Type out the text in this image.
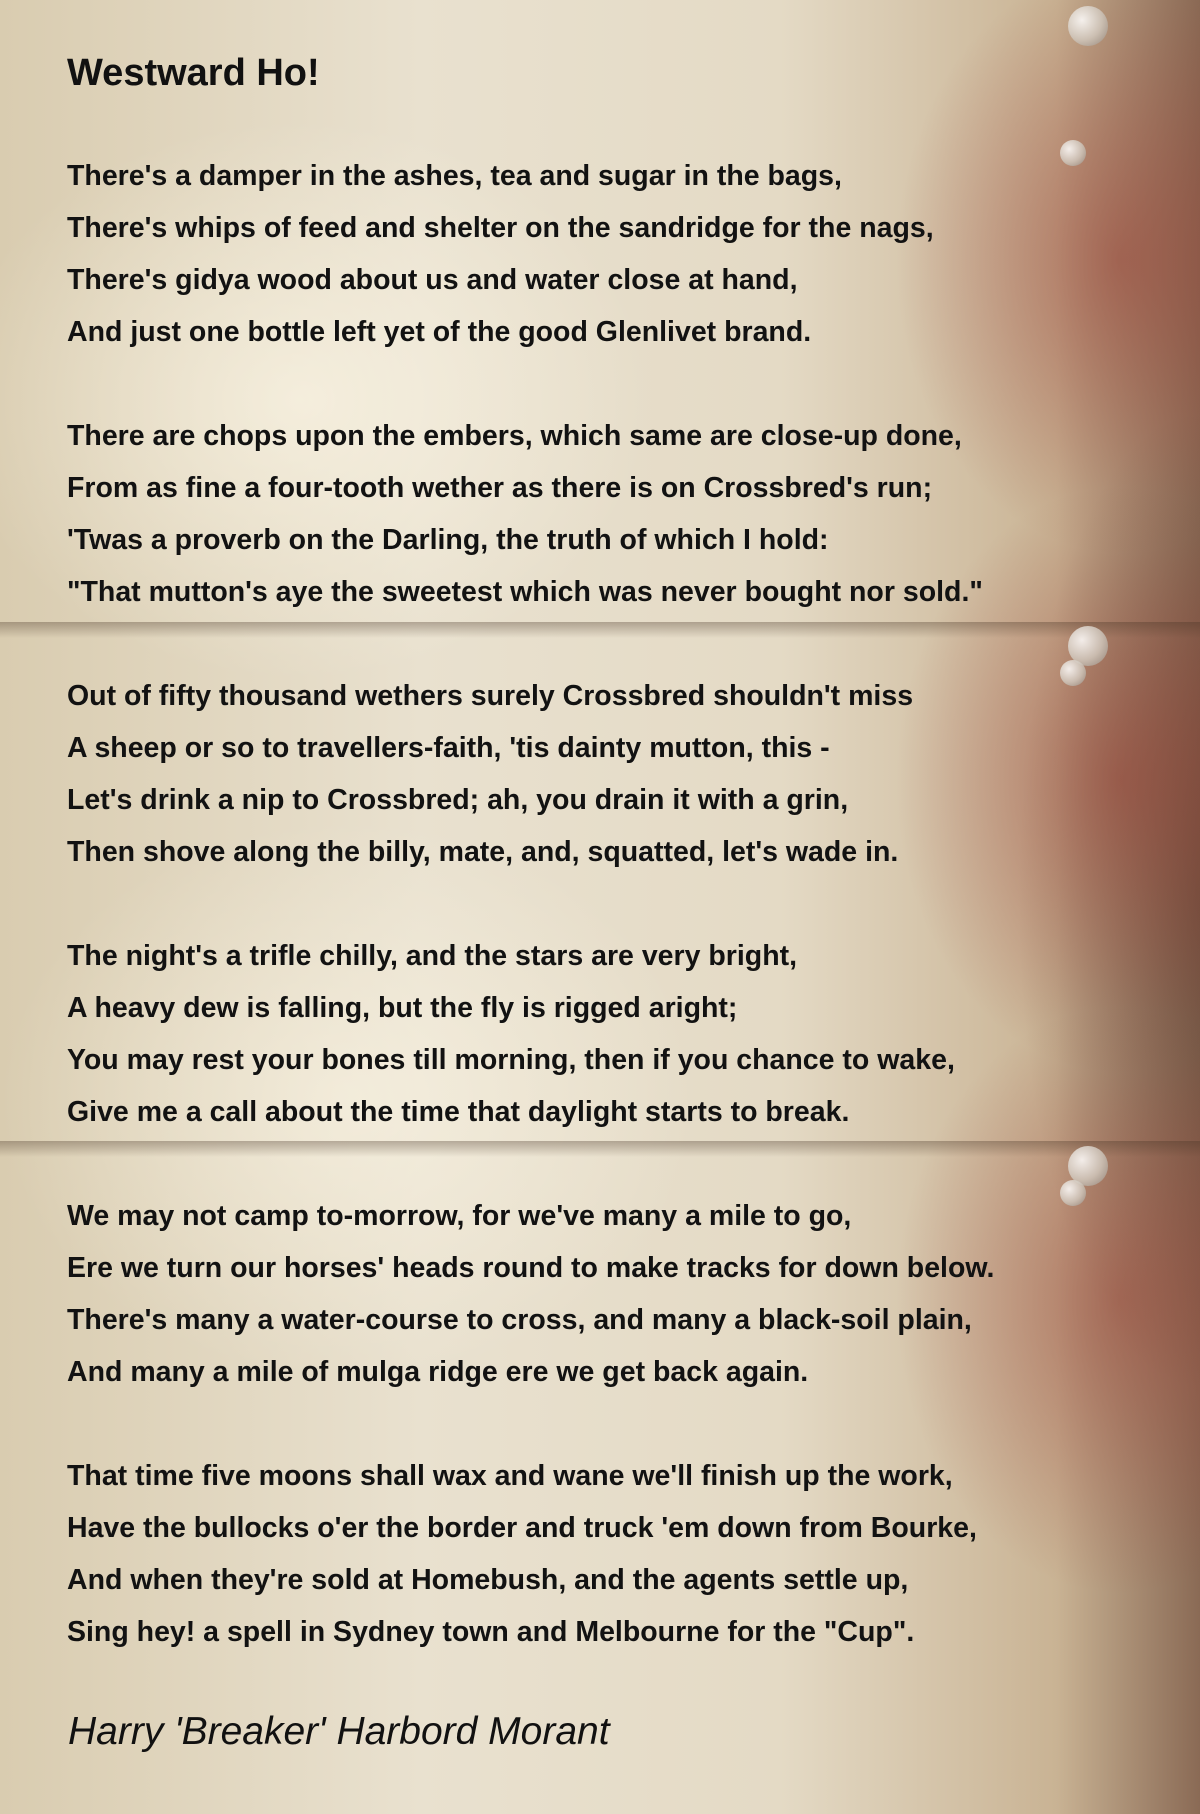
Westward Ho!
There's a damper in the ashes, tea and sugar in the bags,
There's whips of feed and shelter on the sandridge for the nags,
There's gidya wood about us and water close at hand,
And just one bottle left yet of the good Glenlivet brand.
There are chops upon the embers, which same are close-up done,
From as fine a four-tooth wether as there is on Crossbred's run;
'Twas a proverb on the Darling, the truth of which I hold:
"That mutton's aye the sweetest which was never bought nor sold."
Out of fifty thousand wethers surely Crossbred shouldn't miss
A sheep or so to travellers-faith, 'tis dainty mutton, this -
Let's drink a nip to Crossbred; ah, you drain it with a grin,
Then shove along the billy, mate, and, squatted, let's wade in.
The night's a trifle chilly, and the stars are very bright,
A heavy dew is falling, but the fly is rigged aright;
You may rest your bones till morning, then if you chance to wake,
Give me a call about the time that daylight starts to break.
We may not camp to-morrow, for we've many a mile to go,
Ere we turn our horses' heads round to make tracks for down below.
There's many a water-course to cross, and many a black-soil plain,
And many a mile of mulga ridge ere we get back again.
That time five moons shall wax and wane we'll finish up the work,
Have the bullocks o'er the border and truck 'em down from Bourke,
And when they're sold at Homebush, and the agents settle up,
Sing hey! a spell in Sydney town and Melbourne for the "Cup".
Harry 'Breaker' Harbord Morant
